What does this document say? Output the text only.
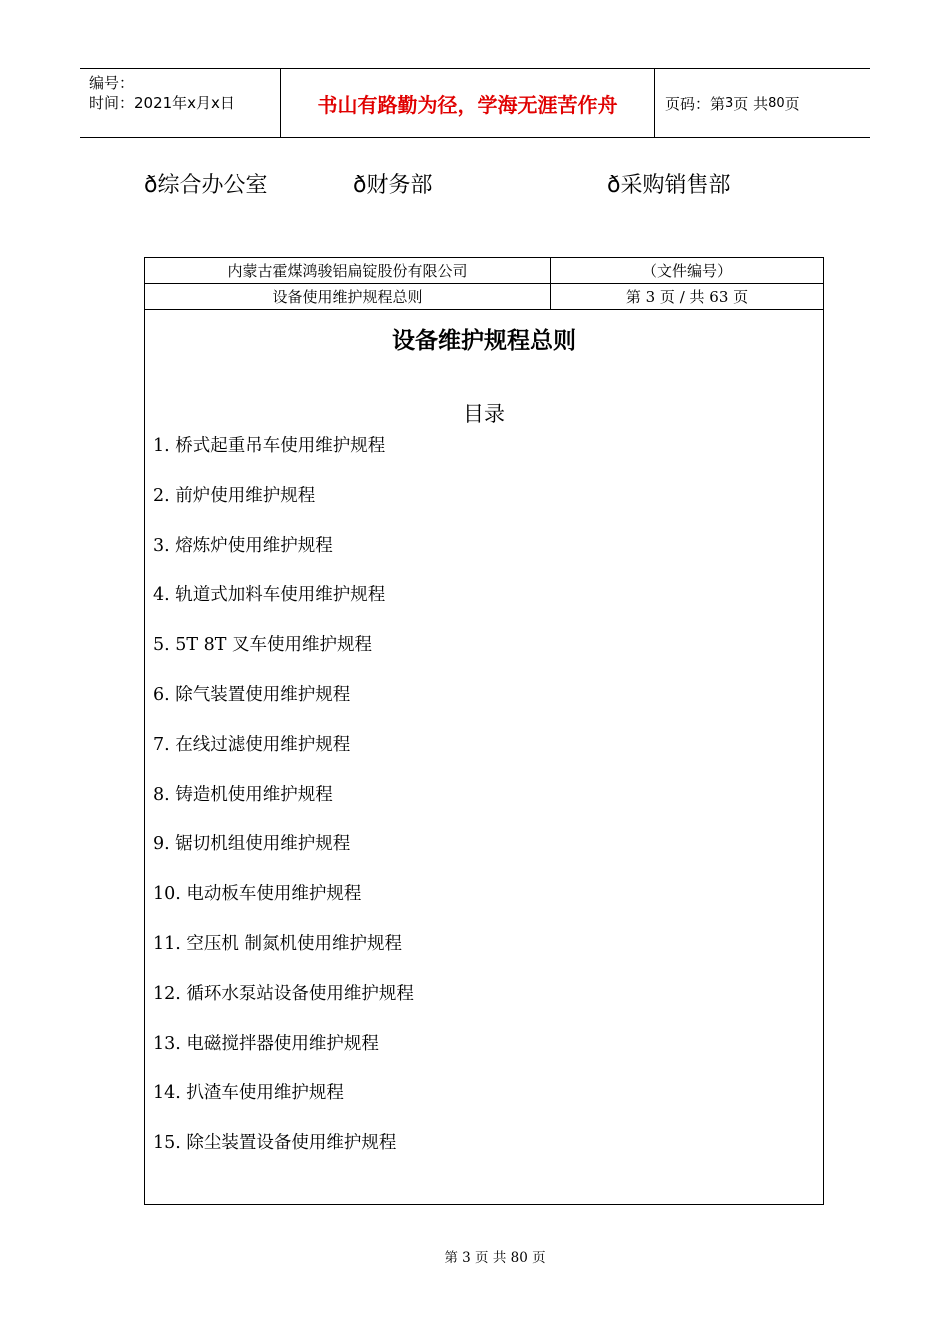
编号：
时间：2021年x月x日	书山有路勤为径，学海无涯苦作舟	页码：第 3 页 共 80 页
ð综合办公室	ð财务部	ð采购销售部
内蒙古霍煤鸿骏铝扁锭股份有限公司	（文件编号）
设备使用维护规程总则	第 3 页 / 共 63 页
设备维护规程总则
目录
1. 桥式起重吊车使用维护规程
2. 前炉使用维护规程
3. 熔炼炉使用维护规程
4. 轨道式加料车使用维护规程
5. 5T 8T 叉车使用维护规程
6. 除气装置使用维护规程
7. 在线过滤使用维护规程
8. 铸造机使用维护规程
9. 锯切机组使用维护规程
10. 电动板车使用维护规程
11. 空压机 制氮机使用维护规程
12. 循环水泵站设备使用维护规程
13. 电磁搅拌器使用维护规程
14. 扒渣车使用维护规程
15. 除尘装置设备使用维护规程
第 3 页 共 80 页
